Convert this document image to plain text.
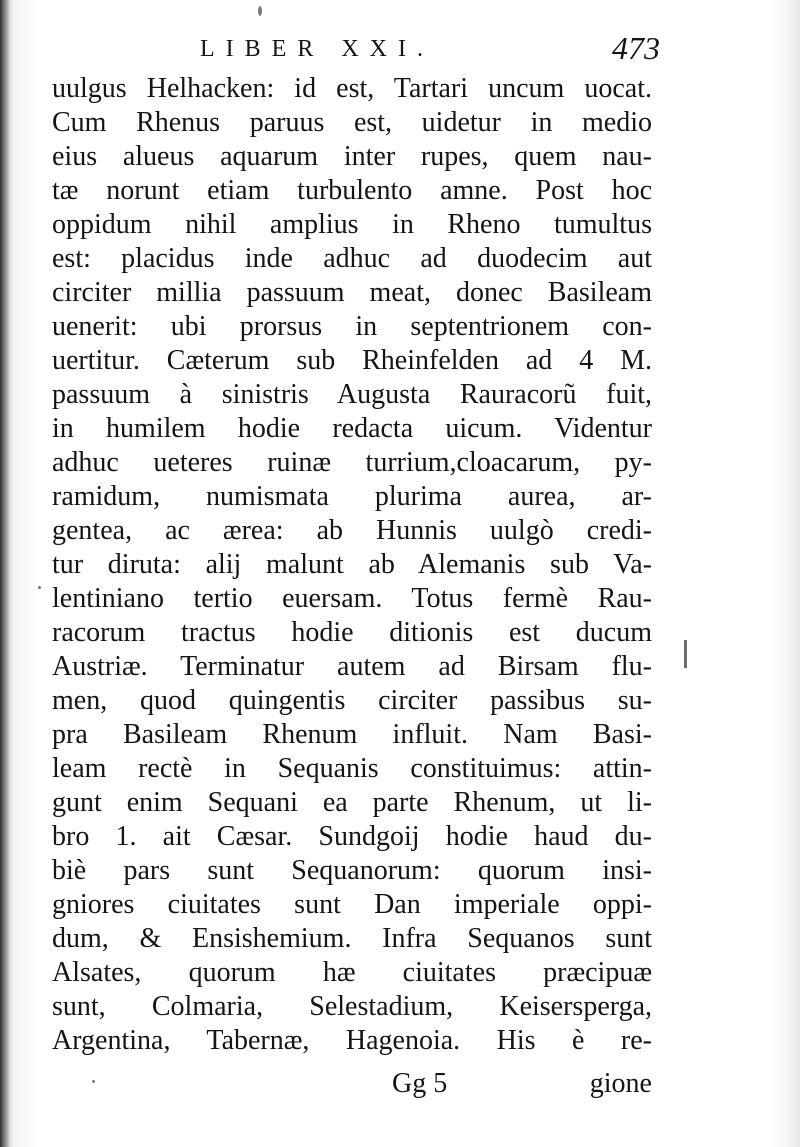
LIBER XXI.	473
uulgus Helhacken: id est, Tartari uncum uocat.
Cum Rhenus paruus est, uidetur in medio
eius alueus aquarum inter rupes, quem nau-
tæ norunt etiam turbulento amne. Post hoc
oppidum nihil amplius in Rheno tumultus
est: placidus inde adhuc ad duodecim aut
circiter millia passuum meat, donec Basileam
uenerit: ubi prorsus in septentrionem con-
uertitur. Cæterum sub Rheinfelden ad 4 M.
passuum à sinistris Augusta Rauracorũ fuit,
in humilem hodie redacta uicum. Videntur
adhuc ueteres ruinæ turrium,cloacarum, py-
ramidum, numismata plurima aurea, ar-
gentea, ac ærea: ab Hunnis uulgò credi-
tur diruta: alij malunt ab Alemanis sub Va-
lentiniano tertio euersam. Totus fermè Rau-
racorum tractus hodie ditionis est ducum
Austriæ. Terminatur autem ad Birsam flu-
men, quod quingentis circiter passibus su-
pra Basileam Rhenum influit. Nam Basi-
leam rectè in Sequanis constituimus: attin-
gunt enim Sequani ea parte Rhenum, ut li-
bro 1. ait Cæsar. Sundgoij hodie haud du-
biè pars sunt Sequanorum: quorum insi-
gniores ciuitates sunt Dan imperiale oppi-
dum, & Ensishemium. Infra Sequanos sunt
Alsates, quorum hæ ciuitates præcipuæ
sunt, Colmaria, Selestadium, Keiserspergа,
Argentina, Tabernæ, Hagenoia. His è re-
Gg 5	gione
